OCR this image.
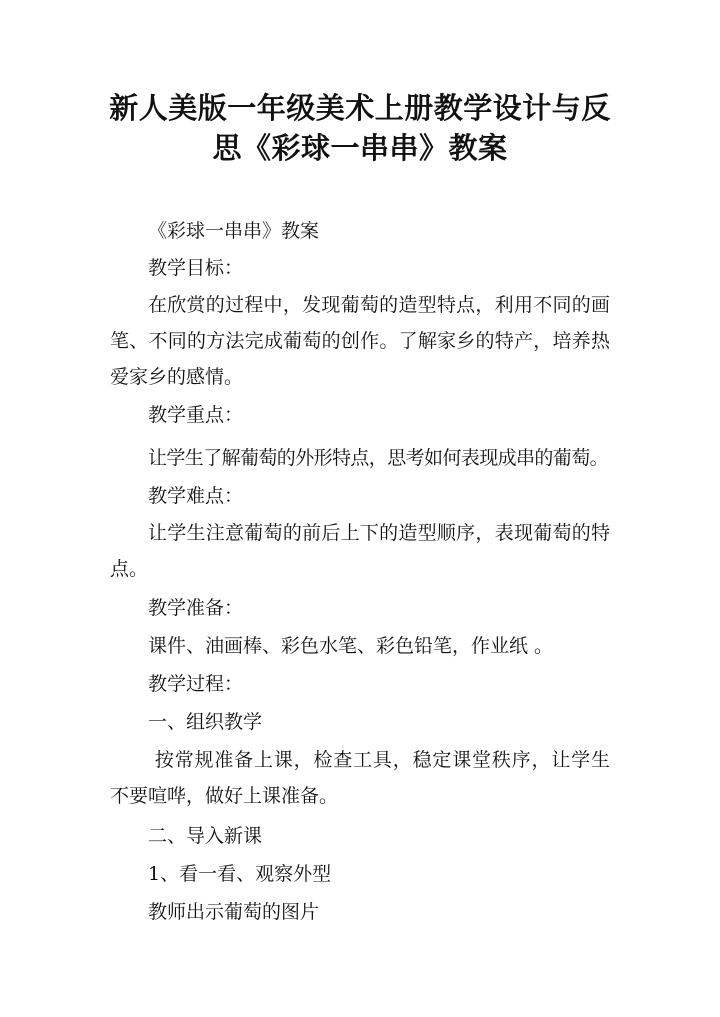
新人美版一年级美术上册教学设计与反
思《彩球一串串》教案

《彩球一串串》教案

教学目标：

在欣赏的过程中，发现葡萄的造型特点，利用不同的画笔、不同的方法完成葡萄的创作。了解家乡的特产，培养热爱家乡的感情。

教学重点：

让学生了解葡萄的外形特点，思考如何表现成串的葡萄。

教学难点：

让学生注意葡萄的前后上下的造型顺序，表现葡萄的特点。

教学准备：

课件、油画棒、彩色水笔、彩色铅笔，作业纸 。

教学过程：

一、组织教学

按常规准备上课，检查工具，稳定课堂秩序，让学生不要喧哗，做好上课准备。

二、导入新课

1、看一看、观察外型

教师出示葡萄的图片
